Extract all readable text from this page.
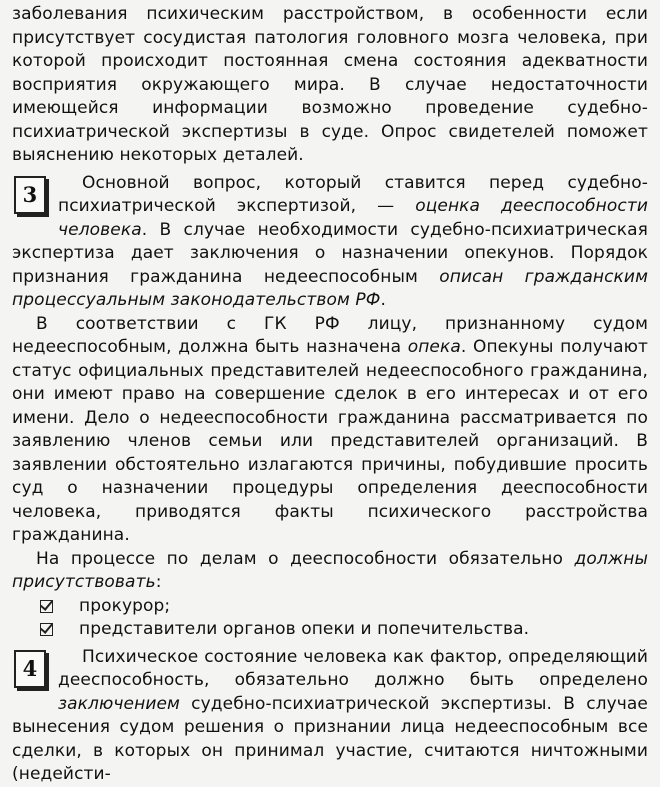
заболевания психическим расстройством, в особенности если присутствует сосудистая патология головного мозга человека, при которой происходит постоянная смена состояния адекватности восприятия окружающего мира. В случае недостаточности имеющейся информации возможно проведение судебно-психиатрической экспертизы в суде. Опрос свидетелей поможет выяснению некоторых деталей.

3	Основной вопрос, который ставится перед судебно-психиатрической экспертизой, — оценка дееспособности человека. В случае необходимости судебно-психиатрическая экспертиза дает заключения о назначении опекунов. Порядок признания гражданина недееспособным описан гражданским процессуальным законодательством РФ.

В соответствии с ГК РФ лицу, признанному судом недееспособным, должна быть назначена опека. Опекуны получают статус официальных представителей недееспособного гражданина, они имеют право на совершение сделок в его интересах и от его имени. Дело о недееспособности гражданина рассматривается по заявлению членов семьи или представителей организаций. В заявлении обстоятельно излагаются причины, побудившие просить суд о назначении процедуры определения дееспособности человека, приводятся факты психического расстройства гражданина.

На процессе по делам о дееспособности обязательно должны присутствовать:

прокурор;
представители органов опеки и попечительства.
4	Психическое состояние человека как фактор, определяющий дееспособность, обязательно должно быть определено заключением судебно-психиатрической экспертизы. В случае вынесения судом решения о признании лица недееспособным все сделки, в которых он принимал участие, считаются ничтожными (недейсти-
